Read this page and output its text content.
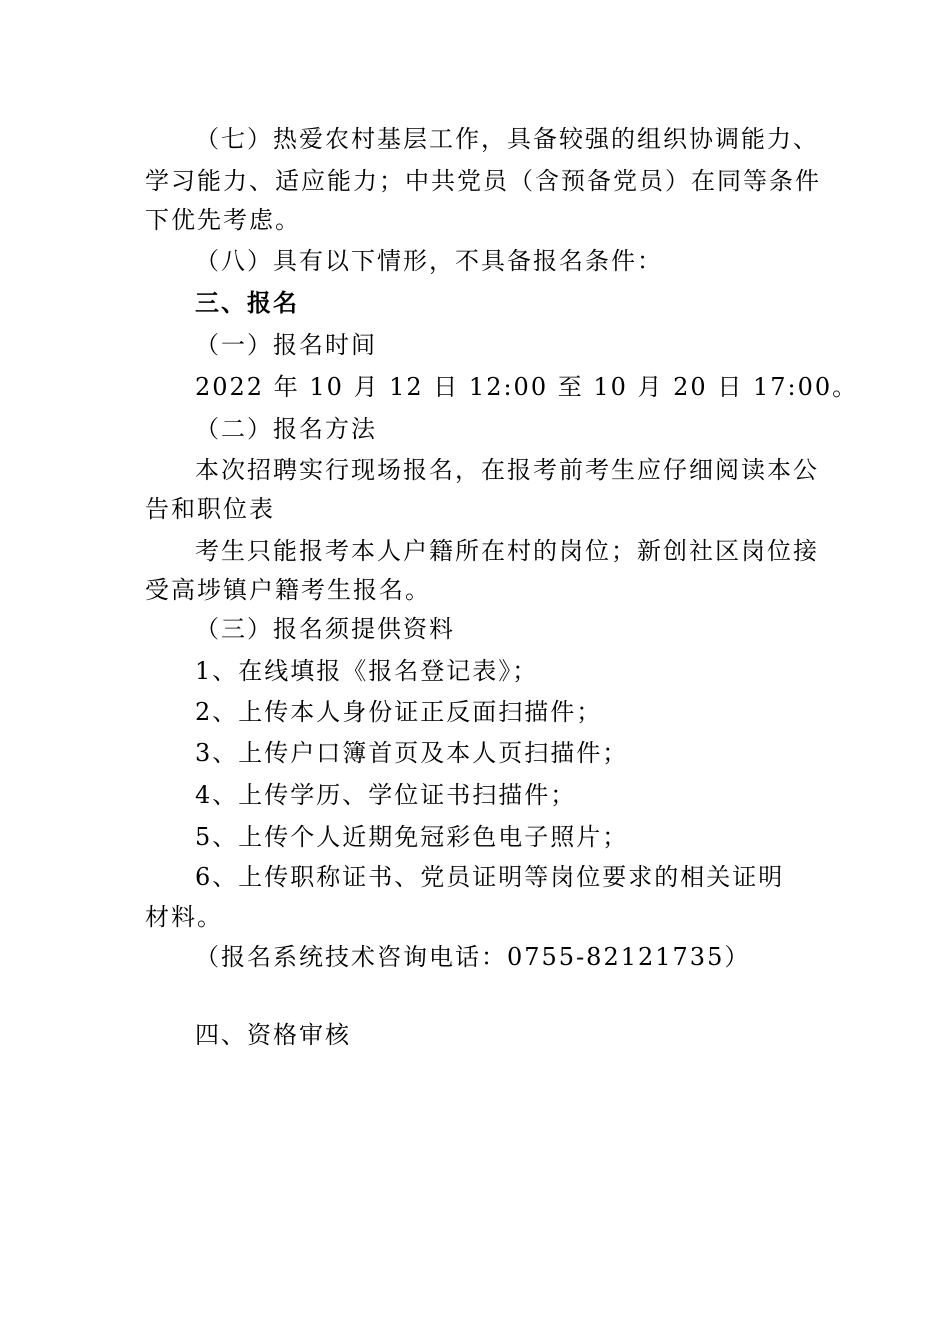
（七）热爱农村基层工作，具备较强的组织协调能力、
学习能力、适应能力；中共党员（含预备党员）在同等条件
下优先考虑。
（八）具有以下情形，不具备报名条件：
三、报名
（一）报名时间
2022 年 10 月 12 日 12:00 至 10 月 20 日 17:00。
（二）报名方法
本次招聘实行现场报名，在报考前考生应仔细阅读本公
告和职位表
考生只能报考本人户籍所在村的岗位；新创社区岗位接
受高埗镇户籍考生报名。
（三）报名须提供资料
1、在线填报《报名登记表》；
2、上传本人身份证正反面扫描件；
3、上传户口簿首页及本人页扫描件；
4、上传学历、学位证书扫描件；
5、上传个人近期免冠彩色电子照片；
6、上传职称证书、党员证明等岗位要求的相关证明
材料。
（报名系统技术咨询电话：0755-82121735）
四、资格审核
